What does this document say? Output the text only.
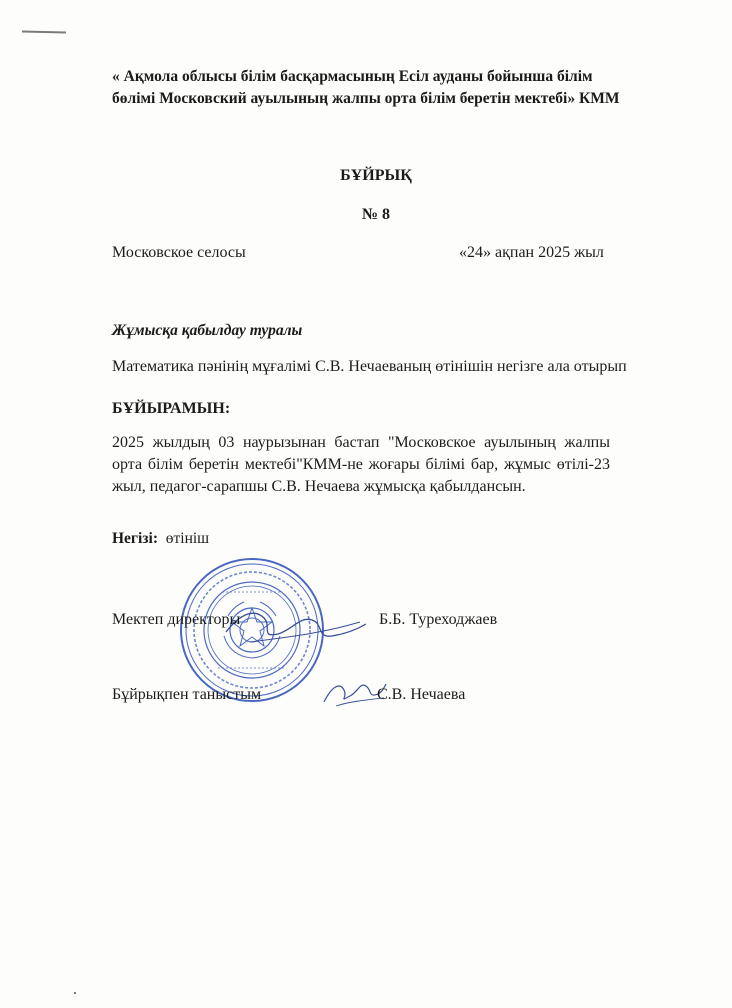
« Ақмола облысы білім басқармасының Есіл ауданы бойынша білім
бөлімі Московский ауылының жалпы орта білім беретін мектебі» КММ
БҰЙРЫҚ
№ 8
Московское селосы	«24» ақпан 2025 жыл
Жұмысқа қабылдау туралы
Математика пәнінің мұғалімі С.В. Нечаеваның өтінішін негізге ала отырып
БҰЙЫРАМЫН:
2025 жылдың 03 наурызынан бастап "Московское ауылының жалпы орта білім беретін мектебі"КММ-не жоғары білімі бар, жұмыс өтілі-23 жыл, педагог-сарапшы С.В. Нечаева жұмысқа қабылдансын.
Негізі: өтініш
Мектеп директоры	Б.Б. Туреходжаев
Бұйрықпен таныстым	С.В. Нечаева
